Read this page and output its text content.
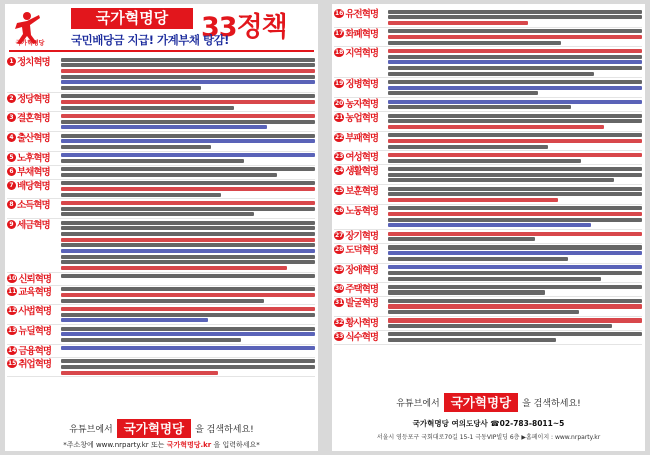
국가혁명당
국가혁명당	33정책
국민배당금 지급! 가계부채 탕감!
1 정치혁명
2 정당혁명
3 결혼혁명
4 출산혁명
5 노후혁명
6 부채혁명
7 배당혁명
8 소득혁명
9 세금혁명
10 신뢰혁명
11 교육혁명
12 사법혁명
13 뉴딜혁명
14 금융혁명
15 취업혁명
유튜브에서 국가혁명당	을 검색하세요!
*주소창에 www.nrparty.kr 또는 국가혁명당.kr 을 입력하세요*
16 유전혁명
17 화폐혁명
18 지역혁명
19 징병혁명
20 농자혁명
21 농업혁명
22 부패혁명
23 여성혁명
24 생활혁명
25 보훈혁명
26 노동혁명
27 장기혁명
28 도덕혁명
29 장애혁명
30 주택혁명
31 발굴혁명
32 황사혁명
33 식수혁명
유튜브에서 국가혁명당	을 검색하세요!
국가혁명당 여의도당사 ☎02-783-8011~5
서울시 영등포구 국회대로70길 15-1 극동VIP빌딩 6층 ▶홈페이지 : www.nrparty.kr
